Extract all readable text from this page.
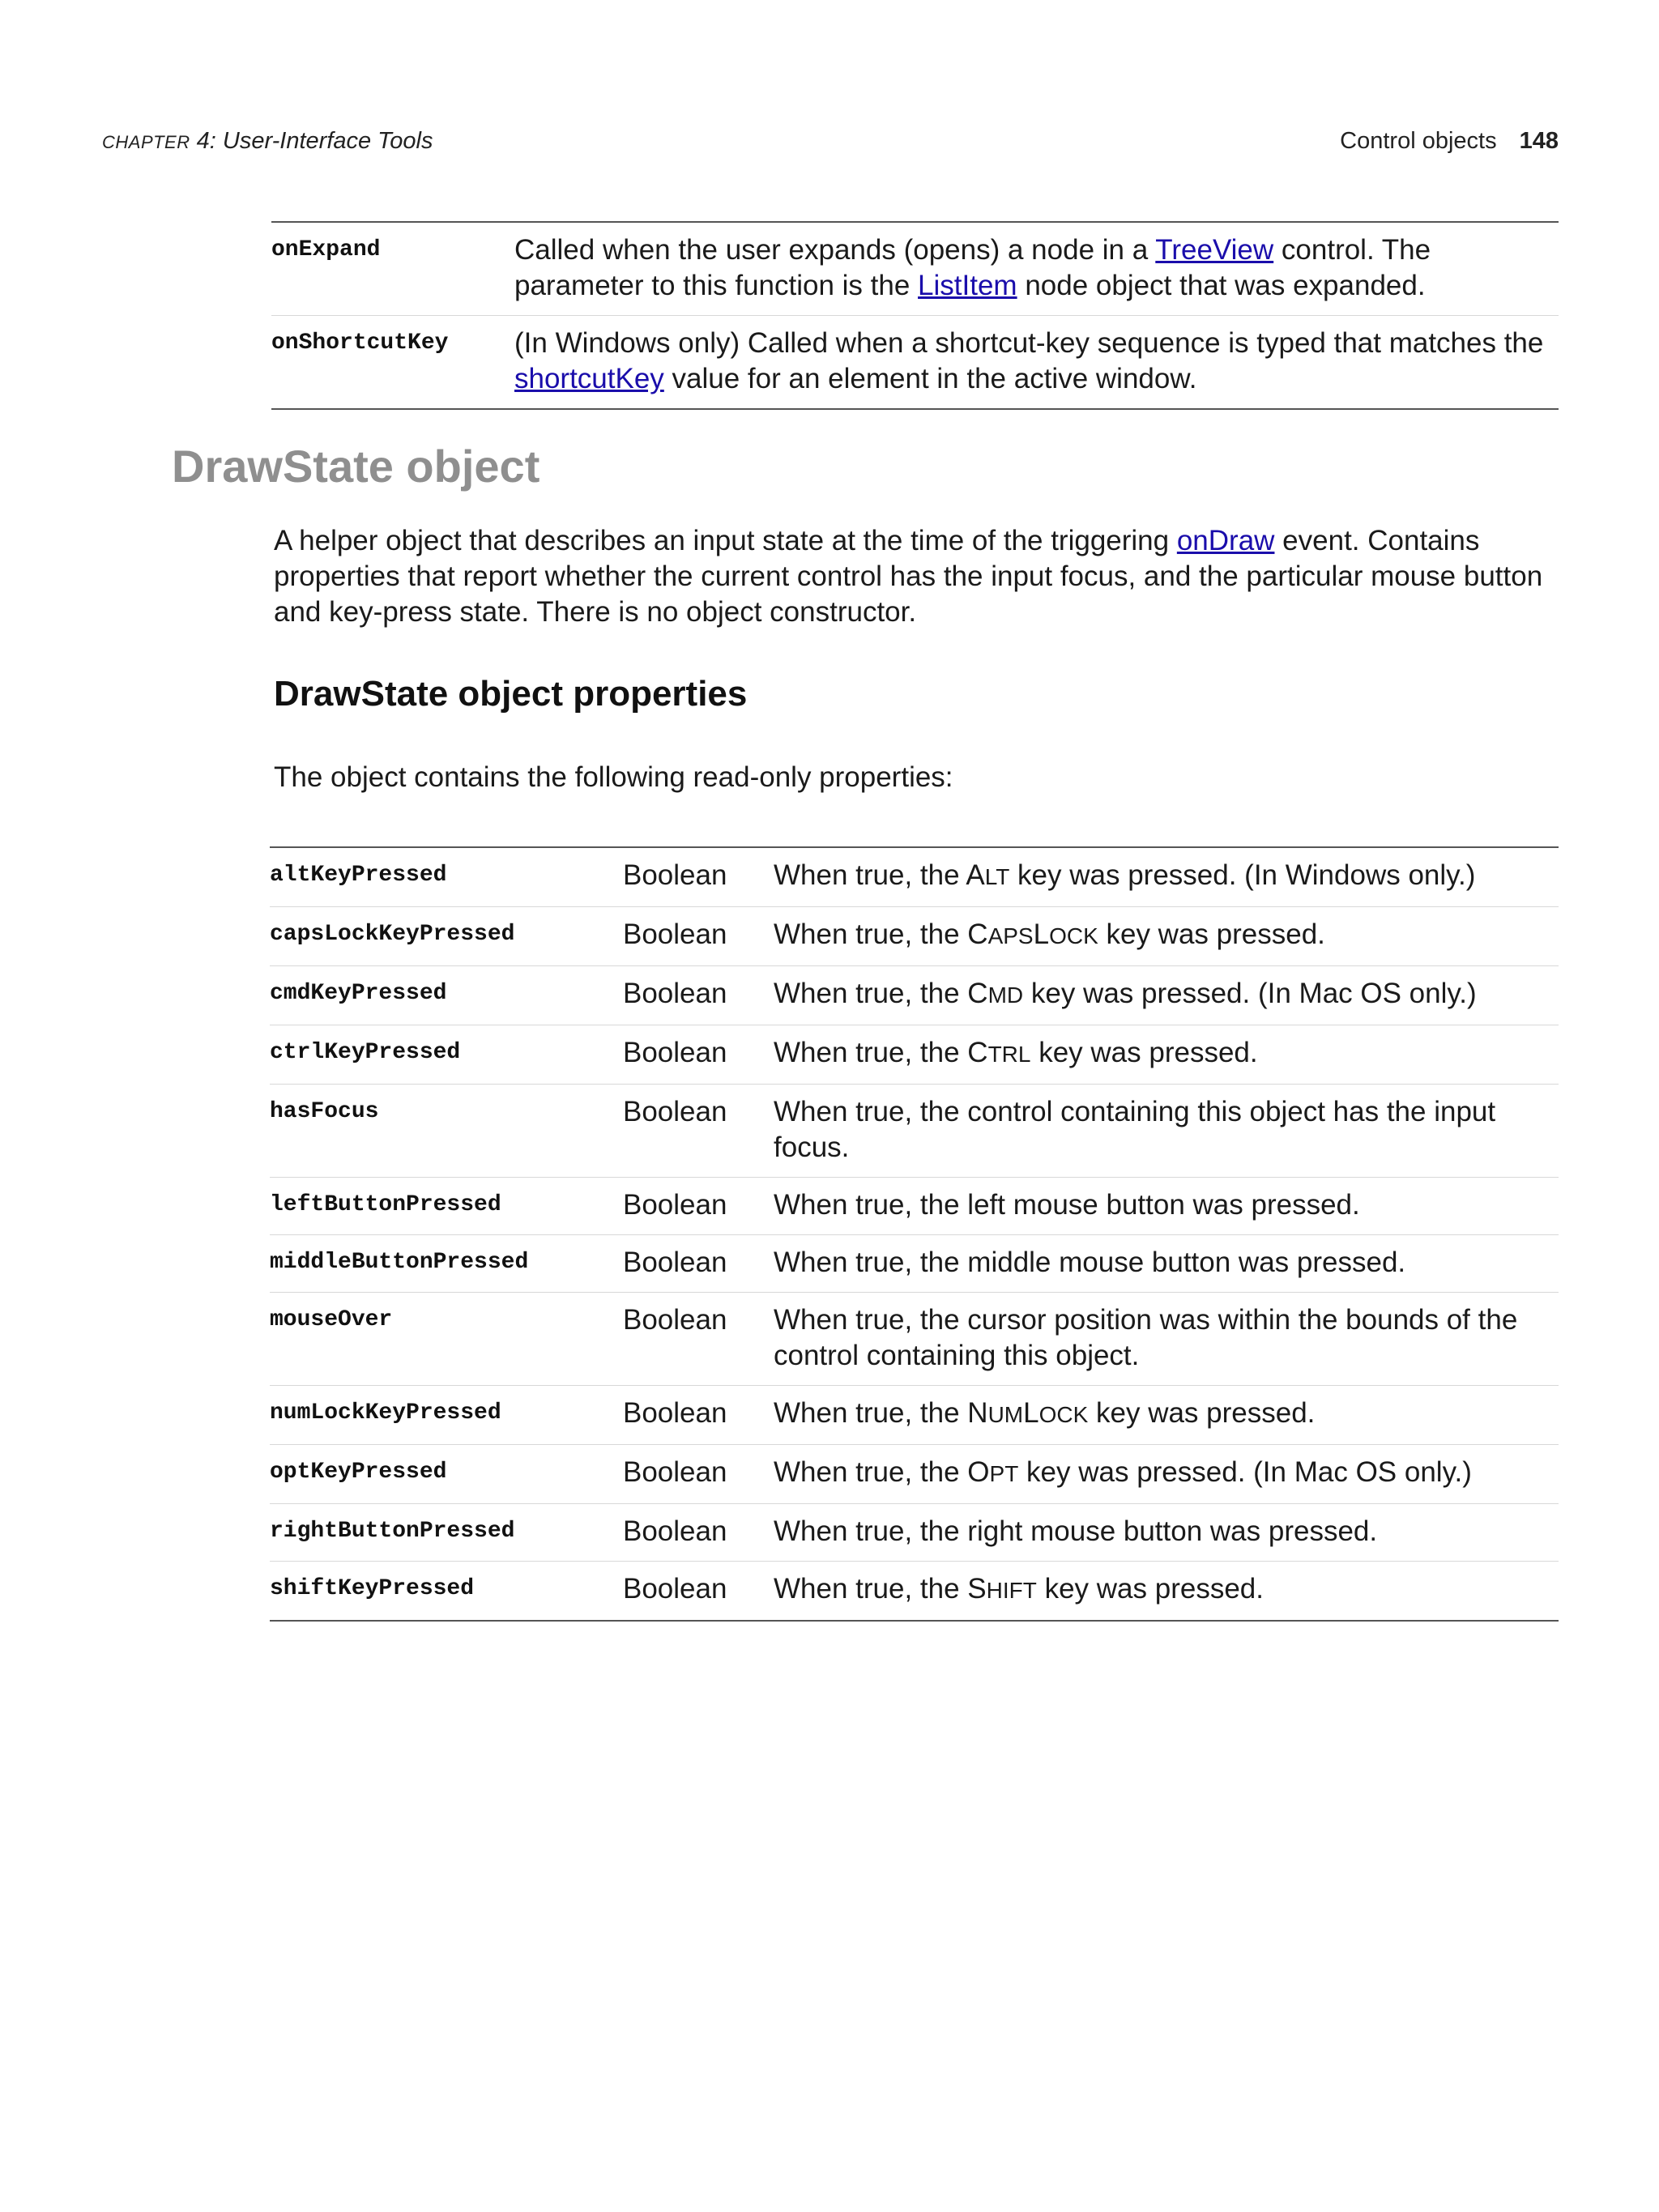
CHAPTER 4: User-Interface Tools	Control objects 148
onExpand	Called when the user expands (opens) a node in a TreeView control. The parameter to this function is the ListItem node object that was expanded.
onShortcutKey	(In Windows only) Called when a shortcut-key sequence is typed that matches the shortcutKey value for an element in the active window.
DrawState object

A helper object that describes an input state at the time of the triggering onDraw event. Contains properties that report whether the current control has the input focus, and the particular mouse button and key-press state. There is no object constructor.

DrawState object properties

The object contains the following read-only properties:

altKeyPressed	Boolean	When true, the ALT key was pressed. (In Windows only.)
capsLockKeyPressed	Boolean	When true, the CAPSLOCK key was pressed.
cmdKeyPressed	Boolean	When true, the CMD key was pressed. (In Mac OS only.)
ctrlKeyPressed	Boolean	When true, the CTRL key was pressed.
hasFocus	Boolean	When true, the control containing this object has the input focus.
leftButtonPressed	Boolean	When true, the left mouse button was pressed.
middleButtonPressed	Boolean	When true, the middle mouse button was pressed.
mouseOver	Boolean	When true, the cursor position was within the bounds of the control containing this object.
numLockKeyPressed	Boolean	When true, the NUMLOCK key was pressed.
optKeyPressed	Boolean	When true, the OPT key was pressed. (In Mac OS only.)
rightButtonPressed	Boolean	When true, the right mouse button was pressed.
shiftKeyPressed	Boolean	When true, the SHIFT key was pressed.
